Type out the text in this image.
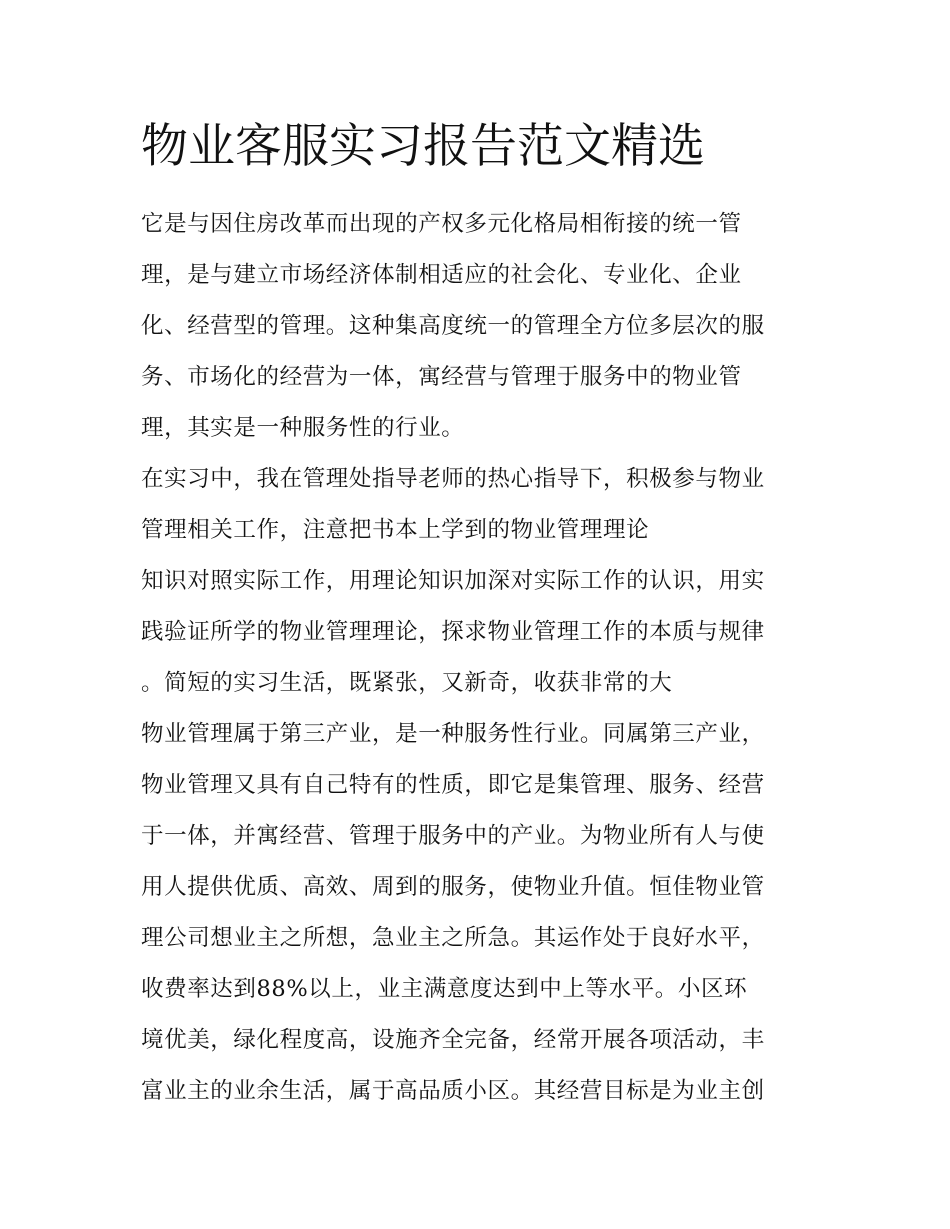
物业客服实习报告范文精选
它是与因住房改革而出现的产权多元化格局相衔接的统一管
理，是与建立市场经济体制相适应的社会化、专业化、企业
化、经营型的管理。这种集高度统一的管理全方位多层次的服
务、市场化的经营为一体，寓经营与管理于服务中的物业管
理，其实是一种服务性的行业。
在实习中，我在管理处指导老师的热心指导下，积极参与物业
管理相关工作，注意把书本上学到的物业管理理论
知识对照实际工作，用理论知识加深对实际工作的认识，用实
践验证所学的物业管理理论，探求物业管理工作的本质与规律
。简短的实习生活，既紧张，又新奇，收获非常的大
物业管理属于第三产业，是一种服务性行业。同属第三产业，
物业管理又具有自己特有的性质，即它是集管理、服务、经营
于一体，并寓经营、管理于服务中的产业。为物业所有人与使
用人提供优质、高效、周到的服务，使物业升值。恒佳物业管
理公司想业主之所想，急业主之所急。其运作处于良好水平，
收费率达到88%以上，业主满意度达到中上等水平。小区环
境优美，绿化程度高，设施齐全完备，经常开展各项活动，丰
富业主的业余生活，属于高品质小区。其经营目标是为业主创
